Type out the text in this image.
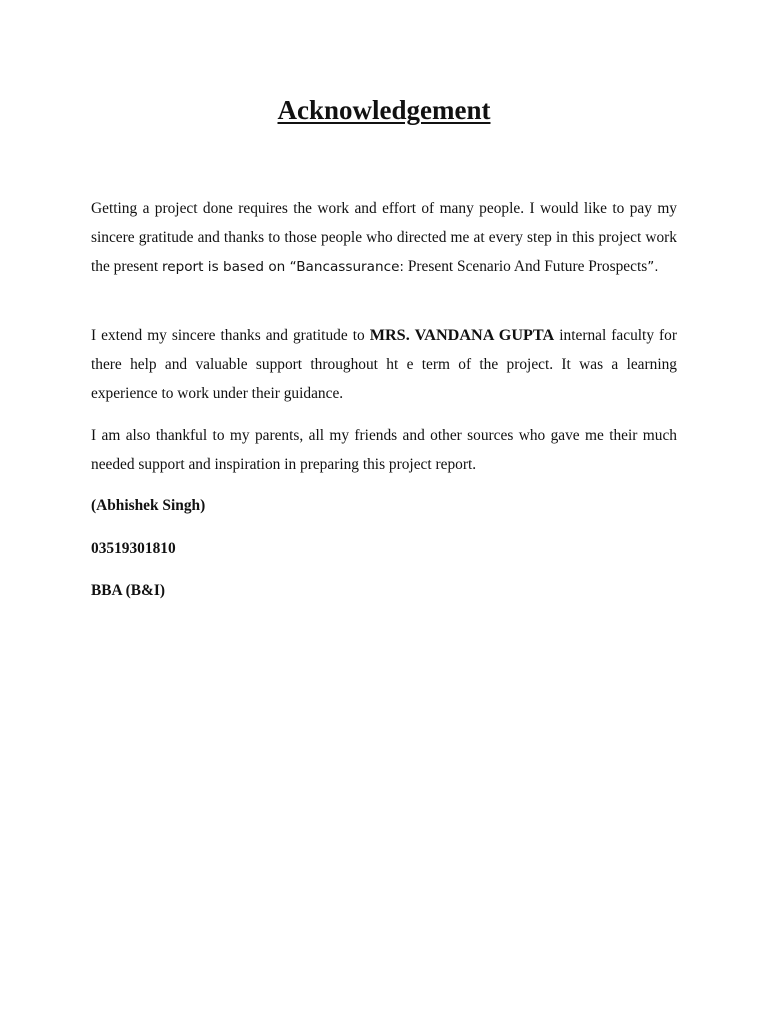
Acknowledgement

Getting a project done requires the work and effort of many people. I would like to pay my sincere gratitude and thanks to those people who directed me at every step in this project work the present report is based on “Bancassurance: Present Scenario And Future Prospects”.

I extend my sincere thanks and gratitude to MRS. VANDANA GUPTA internal faculty for there help and valuable support throughout ht e term of the project. It was a learning experience to work under their guidance.

I am also thankful to my parents, all my friends and other sources who gave me their much needed support and inspiration in preparing this project report.

(Abhishek Singh)

03519301810

BBA (B&I)
